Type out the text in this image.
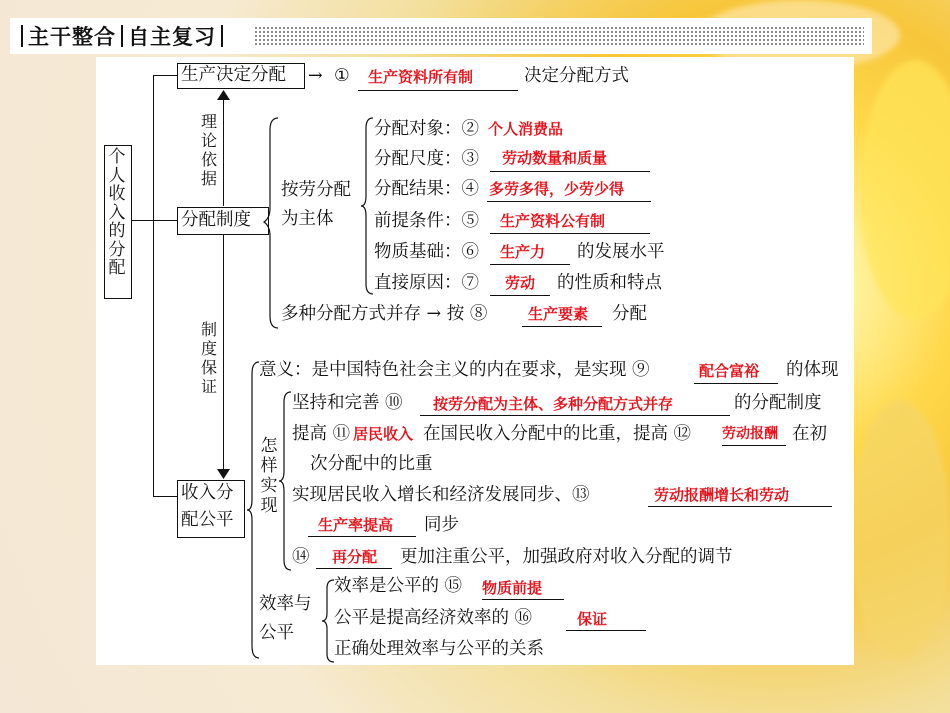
主干整合 自主复习
个人收入的分配
生产决定分配
分配制度
收入分
配公平
理论依据
制度保证
→ ① 生产资料所有制	决定分配方式
按劳分配
为主体
分配对象：② 个人消费品
分配尺度：③ 劳动数量和质量
分配结果：④ 多劳多得，少劳少得
前提条件：⑤ 生产资料公有制
物质基础：⑥ 生产力 的发展水平
直接原因：⑦ 劳动 的性质和特点
多种分配方式并存 → 按 ⑧	生产要素 分配
意义：是中国特色社会主义的内在要求，是实现 ⑨	配合富裕 的体现
怎样实现
坚持和完善 ⑩ 按劳分配为主体、多种分配方式并存	的分配制度
提高 ⑪ 居民收入 在国民收入分配中的比重，提高 ⑫ 劳动报酬 在初
次分配中的比重
实现居民收入增长和经济发展同步、⑬	劳动报酬增长和劳动
生产率提高 同步
⑭ 再分配 更加注重公平，加强政府对收入分配的调节
效率与
公平
效率是公平的 ⑮ 物质前提
公平是提高经济效率的 ⑯	保证
正确处理效率与公平的关系
